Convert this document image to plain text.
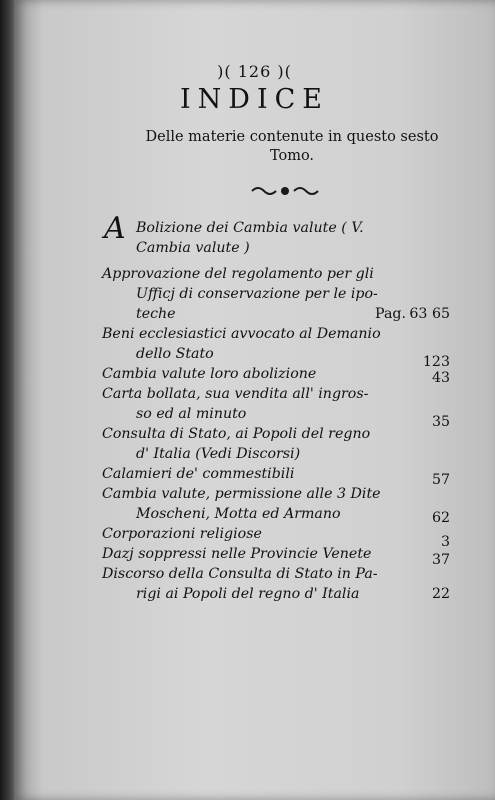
)( 126 )(
INDICE
Delle materie contenute in questo sesto
Tomo.
A Bolizione dei Cambia valute ( V.
Cambia valute )
Approvazione del regolamento per gli
Ufficj di conservazione per le ipo-
teche	Pag. 63 65
Beni ecclesiastici avvocato al Demanio
dello Stato	123
Cambia valute loro abolizione	43
Carta bollata, sua vendita all' ingros-
so ed al minuto	35
Consulta di Stato, ai Popoli del regno
d' Italia (Vedi Discorsi)
Calamieri de' commestibili	57
Cambia valute, permissione alle 3 Dite
Moscheni, Motta ed Armano	62
Corporazioni religiose	3
Dazj soppressi nelle Provincie Venete	37
Discorso della Consulta di Stato in Pa-
rigi ai Popoli del regno d' Italia	22
